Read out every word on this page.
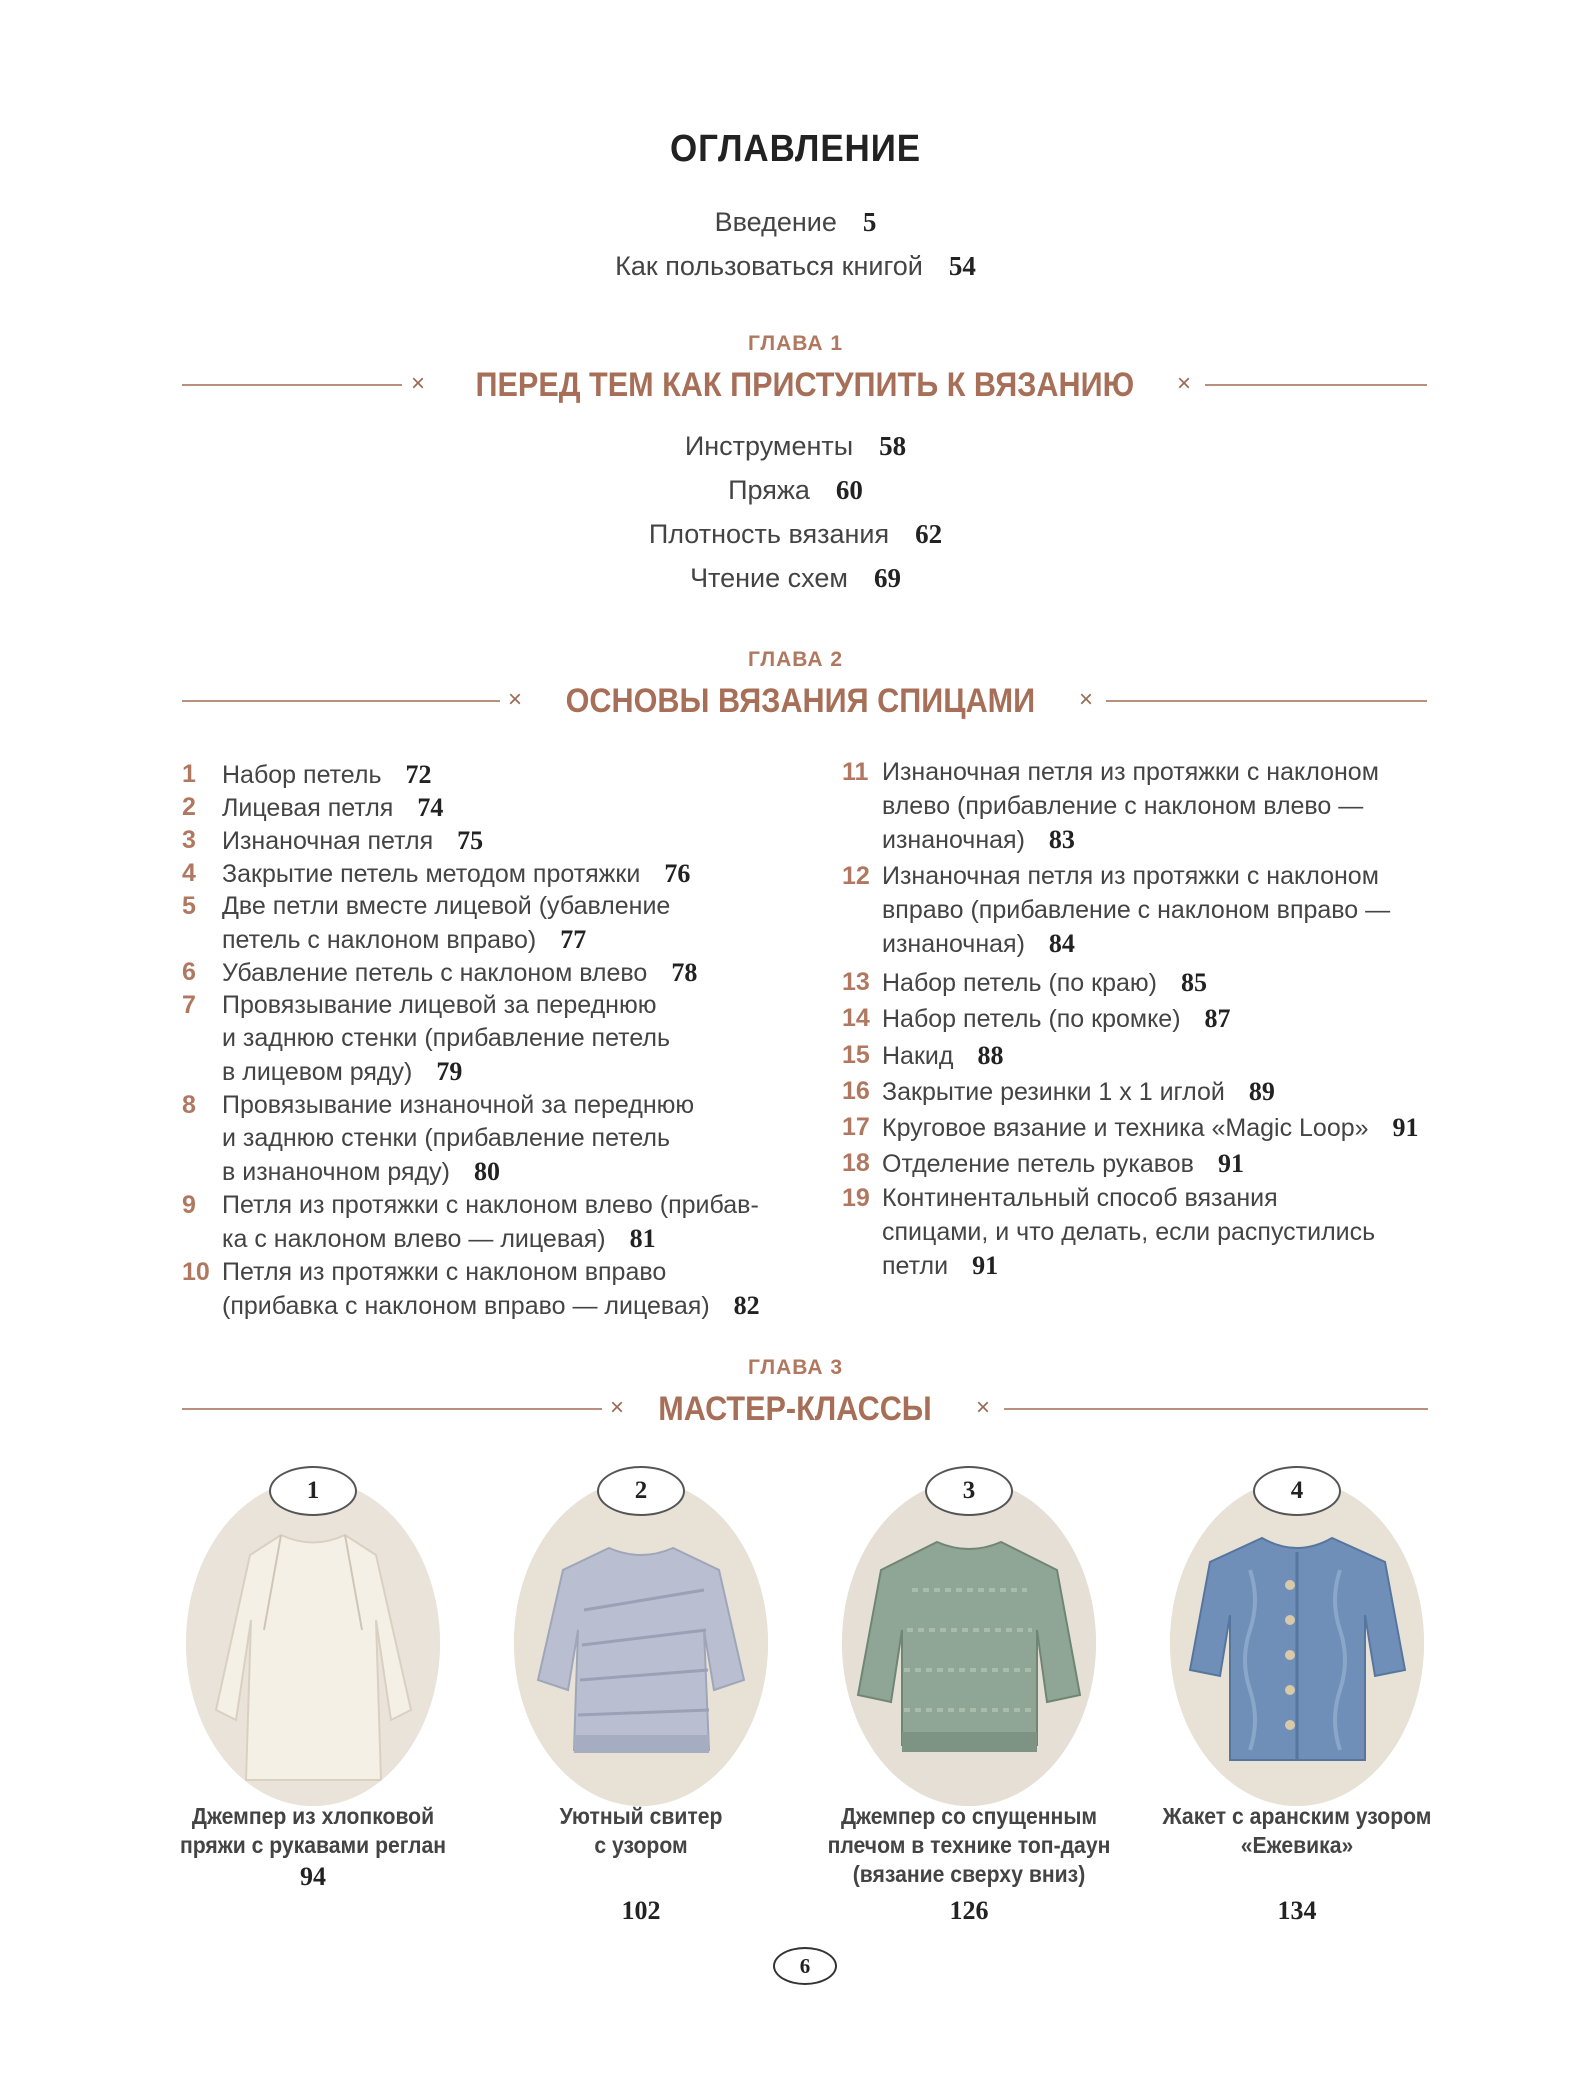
ОГЛАВЛЕНИЕ
Введение 5
Как пользоваться книгой 54
ГЛАВА 1
× ПЕРЕД ТЕМ КАК ПРИСТУПИТЬ К ВЯЗАНИЮ ×
Инструменты 58
Пряжа 60
Плотность вязания 62
Чтение схем 69
ГЛАВА 2
× ОСНОВЫ ВЯЗАНИЯ СПИЦАМИ ×
1	Набор петель 72
2	Лицевая петля 74
3	Изнаночная петля 75
4	Закрытие петель методом протяжки 76
5	Две петли вместе лицевой (убавление
петель с наклоном вправо) 77
6	Убавление петель с наклоном влево 78
7	Провязывание лицевой за переднюю
и заднюю стенки (прибавление петель
в лицевом ряду) 79
8	Провязывание изнаночной за переднюю
и заднюю стенки (прибавление петель
в изнаночном ряду) 80
9	Петля из протяжки с наклоном влево (прибав-
ка с наклоном влево — лицевая) 81
10 Петля из протяжки с наклоном вправо
(прибавка с наклоном вправо — лицевая) 82
11 Изнаночная петля из протяжки с наклоном
влево (прибавление с наклоном влево —
изнаночная) 83
12 Изнаночная петля из протяжки с наклоном
вправо (прибавление с наклоном вправо —
изнаночная) 84
13 Набор петель (по краю) 85
14 Набор петель (по кромке) 87
15 Накид 88
16 Закрытие резинки 1 х 1 иглой 89
17 Круговое вязание и техника «Magic Loop» 91
18 Отделение петель рукавов 91
19 Континентальный способ вязания
спицами, и что делать, если распустились
петли 91
ГЛАВА 3
× МАСТЕР-КЛАССЫ ×
1
Джемпер из хлопковой
пряжи с рукавами реглан
94
2
Уютный свитер
с узором
102
3
Джемпер со спущенным
плечом в технике топ-даун
(вязание сверху вниз)
126
4
Жакет с аранским узором
«Ежевика»
134
6
